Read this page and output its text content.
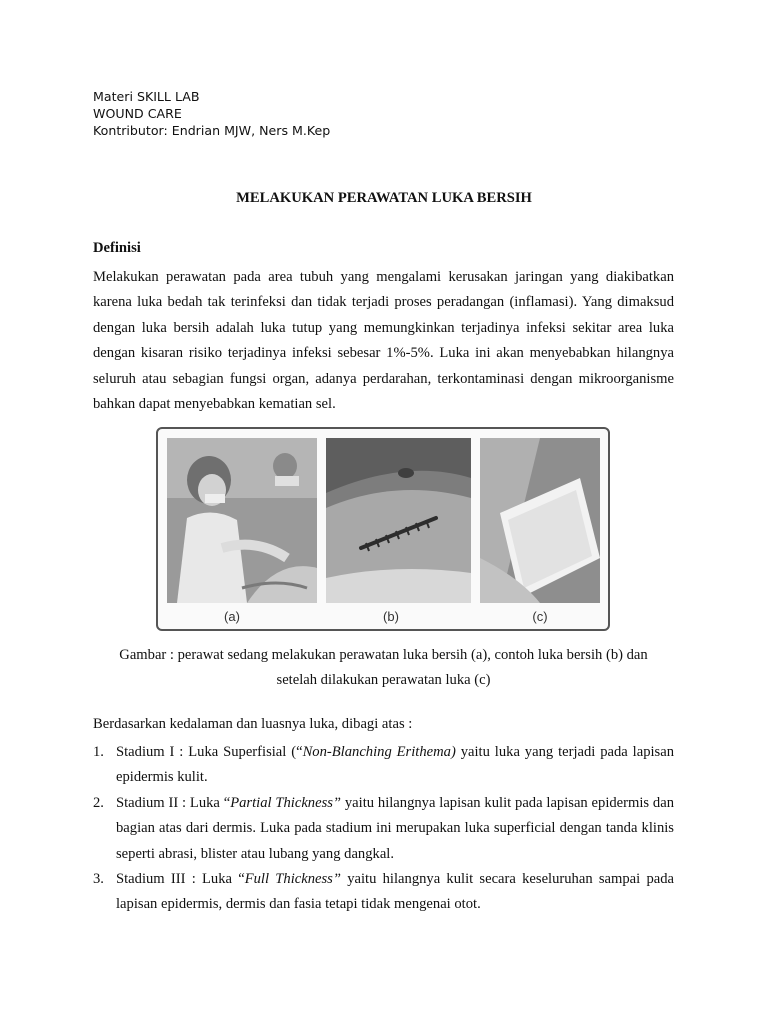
Materi SKILL LAB
WOUND CARE
Kontributor: Endrian MJW, Ners M.Kep
MELAKUKAN PERAWATAN LUKA BERSIH
Definisi
Melakukan perawatan pada area tubuh yang mengalami kerusakan jaringan yang diakibatkan karena luka bedah tak terinfeksi dan tidak terjadi proses peradangan (inflamasi). Yang dimaksud dengan luka bersih adalah luka tutup yang memungkinkan terjadinya infeksi sekitar area luka dengan kisaran risiko terjadinya infeksi sebesar 1%-5%. Luka ini akan menyebabkan hilangnya seluruh atau sebagian fungsi organ, adanya perdarahan, terkontaminasi dengan mikroorganisme bahkan dapat menyebabkan kematian sel.
(a)	(b)	(c)
Gambar : perawat sedang melakukan perawatan luka bersih (a), contoh luka bersih (b) dan
setelah dilakukan perawatan luka (c)
Berdasarkan kedalaman dan luasnya luka, dibagi atas :
1. Stadium I : Luka Superfisial (“Non-Blanching Erithema) yaitu luka yang terjadi pada lapisan epidermis kulit.
2. Stadium II : Luka “Partial Thickness” yaitu hilangnya lapisan kulit pada lapisan epidermis dan bagian atas dari dermis. Luka pada stadium ini merupakan luka superficial dengan tanda klinis seperti abrasi, blister atau lubang yang dangkal.
3. Stadium III : Luka “Full Thickness” yaitu hilangnya kulit secara keseluruhan sampai pada lapisan epidermis, dermis dan fasia tetapi tidak mengenai otot.
